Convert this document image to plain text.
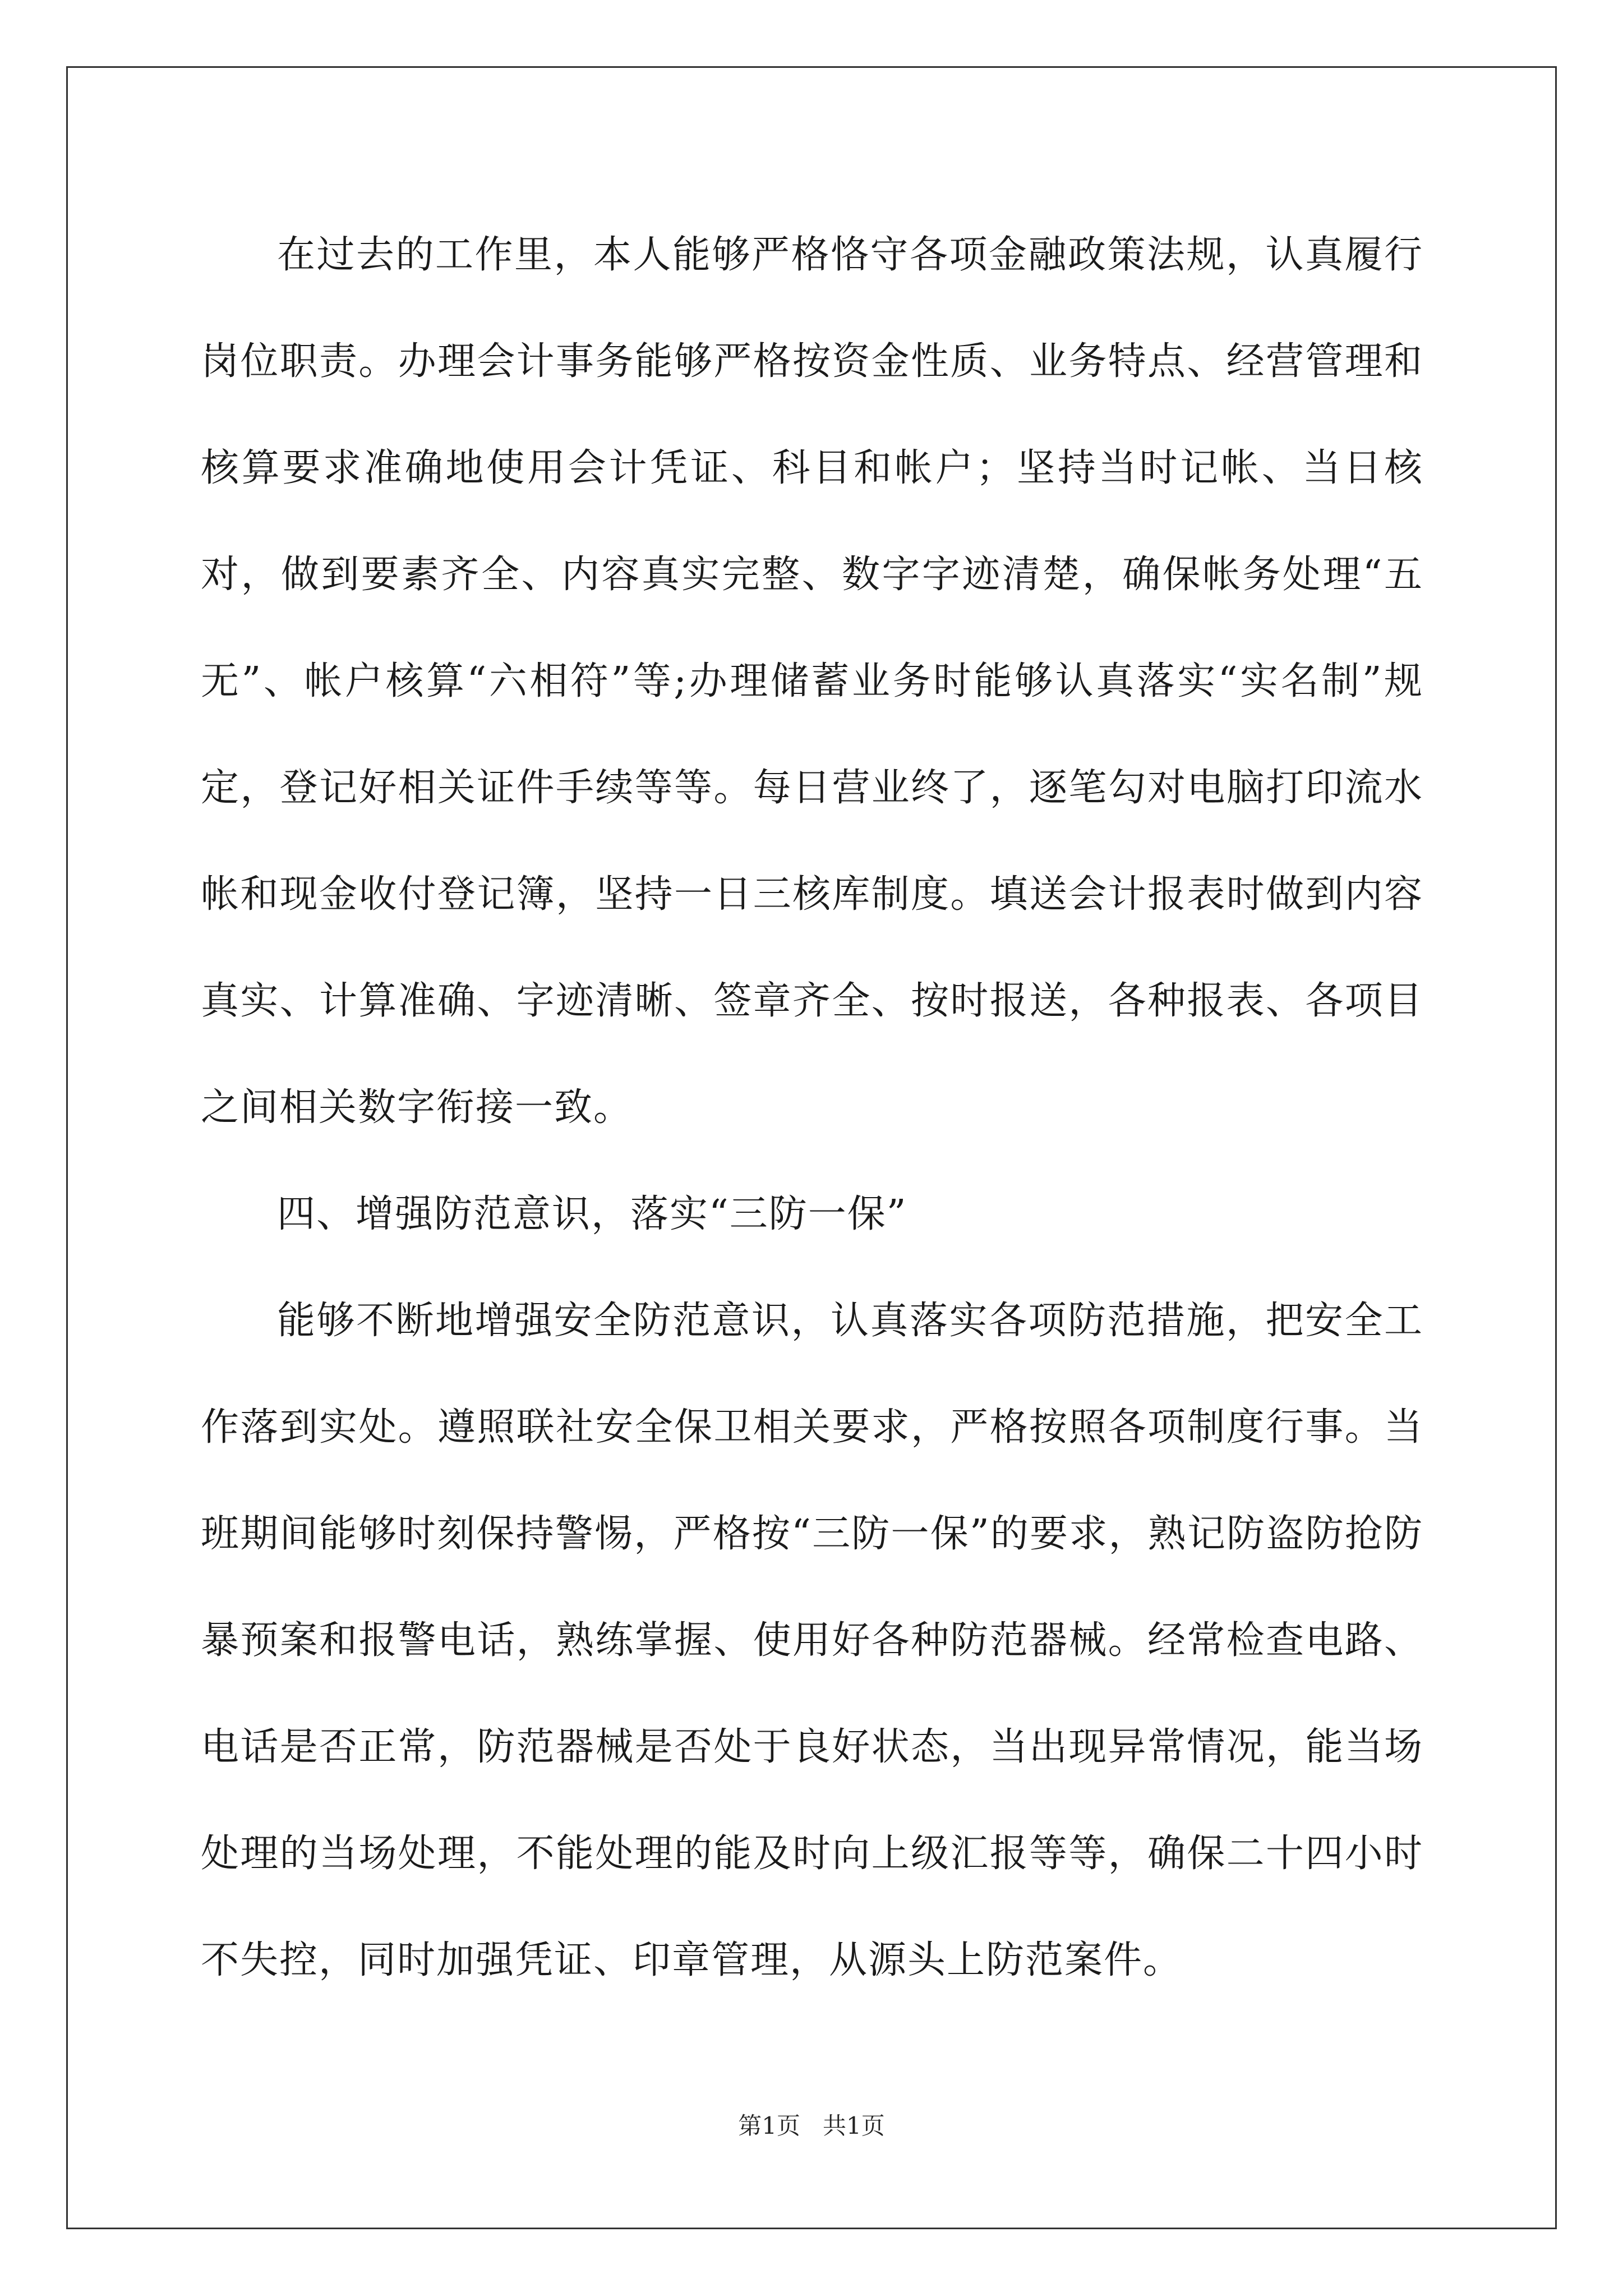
在过去的工作里，本人能够严格恪守各项金融政策法规，认真履行岗位职责。办理会计事务能够严格按资金性质、业务特点、经营管理和核算要求准确地使用会计凭证、科目和帐户；坚持当时记帐、当日核对，做到要素齐全、内容真实完整、数字字迹清楚，确保帐务处理“五无”、帐户核算“六相符”等;办理储蓄业务时能够认真落实“实名制”规定，登记好相关证件手续等等。每日营业终了，逐笔勾对电脑打印流水帐和现金收付登记簿，坚持一日三核库制度。填送会计报表时做到内容真实、计算准确、字迹清晰、签章齐全、按时报送，各种报表、各项目之间相关数字衔接一致。

四、增强防范意识，落实“三防一保”

能够不断地增强安全防范意识，认真落实各项防范措施，把安全工作落到实处。遵照联社安全保卫相关要求，严格按照各项制度行事。当班期间能够时刻保持警惕，严格按“三防一保”的要求，熟记防盗防抢防暴预案和报警电话，熟练掌握、使用好各种防范器械。经常检查电路、电话是否正常，防范器械是否处于良好状态，当出现异常情况，能当场处理的当场处理，不能处理的能及时向上级汇报等等，确保二十四小时不失控，同时加强凭证、印章管理，从源头上防范案件。

第1页 共1页
